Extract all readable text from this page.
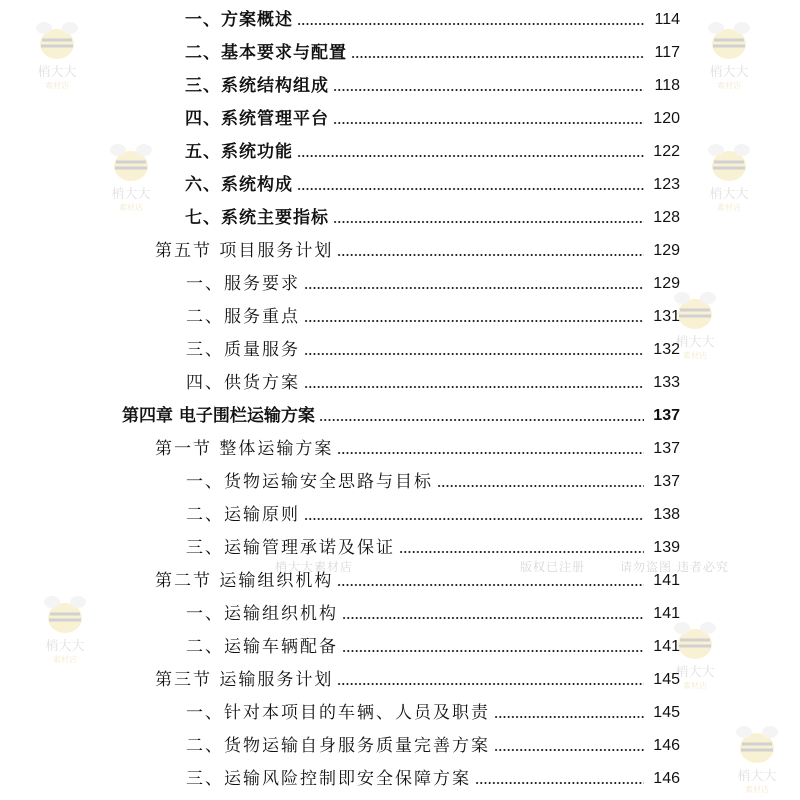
一、方案概述	114
二、基本要求与配置	117
三、系统结构组成	118
四、系统管理平台	120
五、系统功能	122
六、系统构成	123
七、系统主要指标	128
第五节 项目服务计划	129
一、服务要求	129
二、服务重点	131
三、质量服务	132
四、供货方案	133
第四章 电子围栏运输方案	137
第一节 整体运输方案	137
一、货物运输安全思路与目标	137
二、运输原则	138
三、运输管理承诺及保证	139
第二节 运输组织机构	141
一、运输组织机构	141
二、运输车辆配备	141
第三节 运输服务计划	145
一、针对本项目的车辆、人员及职责	145
二、货物运输自身服务质量完善方案	146
三、运输风险控制即安全保障方案	146
梢大大
素材店
梢大大
素材店
梢大大
素材店
梢大大
素材店
梢大大
素材店
梢大大
素材店
梢大大
素材店
梢大大
素材店
梢大大素材店	版权已注册	请勿盗图 违者必究
